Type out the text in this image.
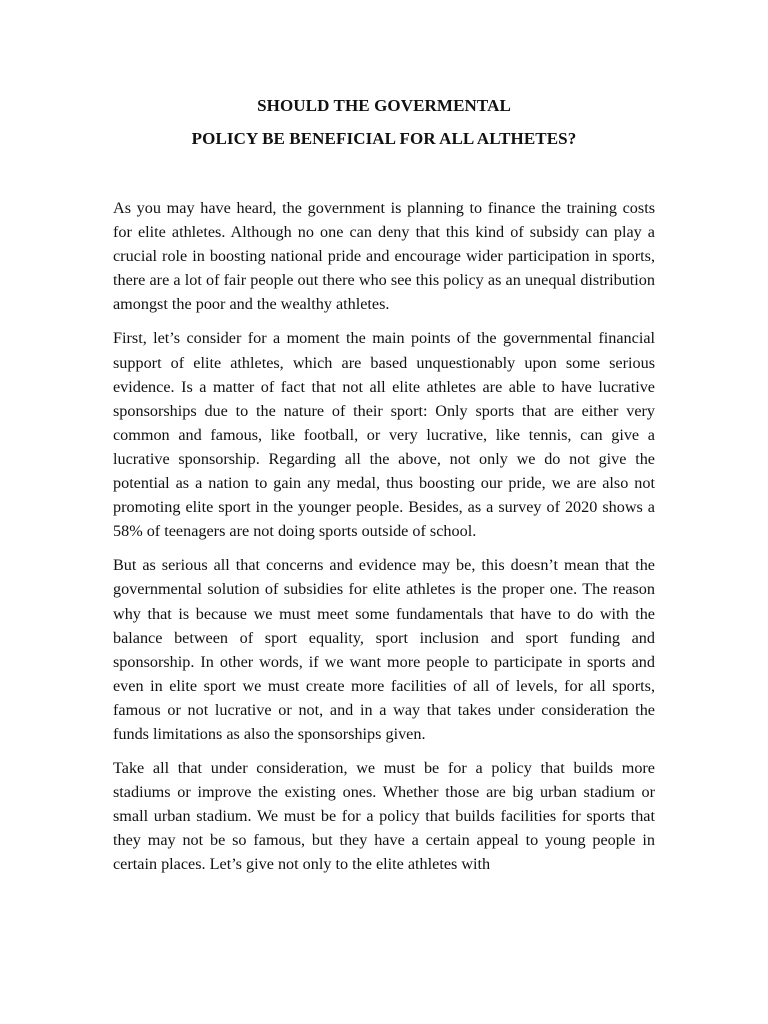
SHOULD THE GOVERMENTAL
POLICY BE BENEFICIAL FOR ALL ALTHETES?

As you may have heard, the government is planning to finance the training costs for elite athletes. Although no one can deny that this kind of subsidy can play a crucial role in boosting national pride and encourage wider participation in sports, there are a lot of fair people out there who see this policy as an unequal distribution amongst the poor and the wealthy athletes.

First, let’s consider for a moment the main points of the governmental financial support of elite athletes, which are based unquestionably upon some serious evidence. Is a matter of fact that not all elite athletes are able to have lucrative sponsorships due to the nature of their sport: Only sports that are either very common and famous, like football, or very lucrative, like tennis, can give a lucrative sponsorship. Regarding all the above, not only we do not give the potential as a nation to gain any medal, thus boosting our pride, we are also not promoting elite sport in the younger people. Besides, as a survey of 2020 shows a 58% of teenagers are not doing sports outside of school.

But as serious all that concerns and evidence may be, this doesn’t mean that the governmental solution of subsidies for elite athletes is the proper one. The reason why that is because we must meet some fundamentals that have to do with the balance between of sport equality, sport inclusion and sport funding and sponsorship. In other words, if we want more people to participate in sports and even in elite sport we must create more facilities of all of levels, for all sports, famous or not lucrative or not, and in a way that takes under consideration the funds limitations as also the sponsorships given.

Take all that under consideration, we must be for a policy that builds more stadiums or improve the existing ones. Whether those are big urban stadium or small urban stadium. We must be for a policy that builds facilities for sports that they may not be so famous, but they have a certain appeal to young people in certain places. Let’s give not only to the elite athletes with
